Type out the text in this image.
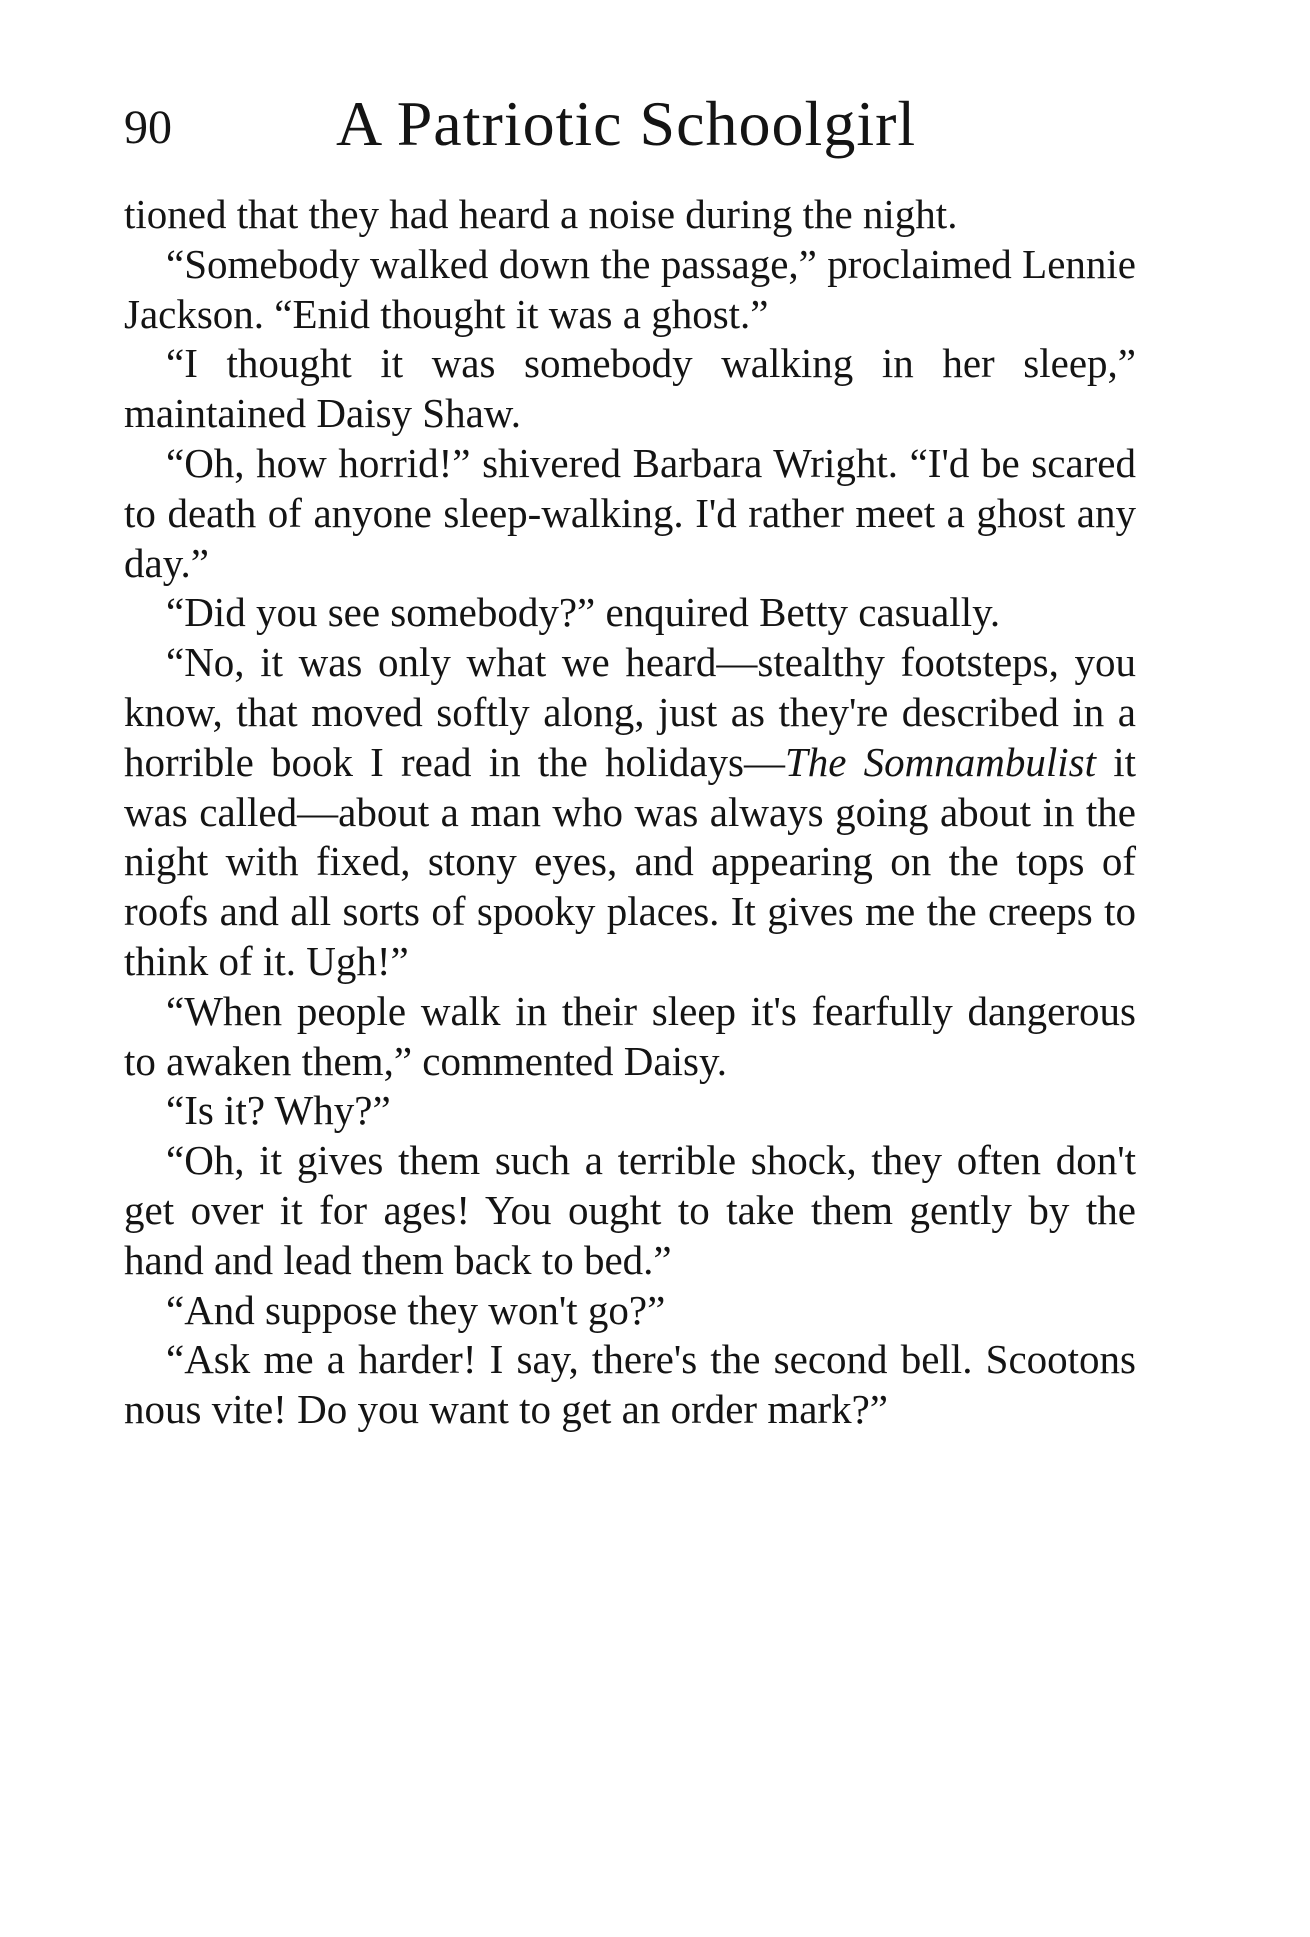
90	A Patriotic Schoolgirl

tioned that they had heard a noise during the night.

“Somebody walked down the passage,” proclaimed Lennie Jackson. “Enid thought it was a ghost.”

“I thought it was somebody walking in her sleep,” maintained Daisy Shaw.

“Oh, how horrid!” shivered Barbara Wright. “I'd be scared to death of anyone sleep-walking. I'd rather meet a ghost any day.”

“Did you see somebody?” enquired Betty casually.

“No, it was only what we heard—stealthy footsteps, you know, that moved softly along, just as they're described in a horrible book I read in the holidays—The Somnambulist it was called—about a man who was always going about in the night with fixed, stony eyes, and appearing on the tops of roofs and all sorts of spooky places. It gives me the creeps to think of it. Ugh!”

“When people walk in their sleep it's fearfully dangerous to awaken them,” commented Daisy.

“Is it? Why?”

“Oh, it gives them such a terrible shock, they often don't get over it for ages! You ought to take them gently by the hand and lead them back to bed.”

“And suppose they won't go?”

“Ask me a harder! I say, there's the second bell. Scootons nous vite! Do you want to get an order mark?”
